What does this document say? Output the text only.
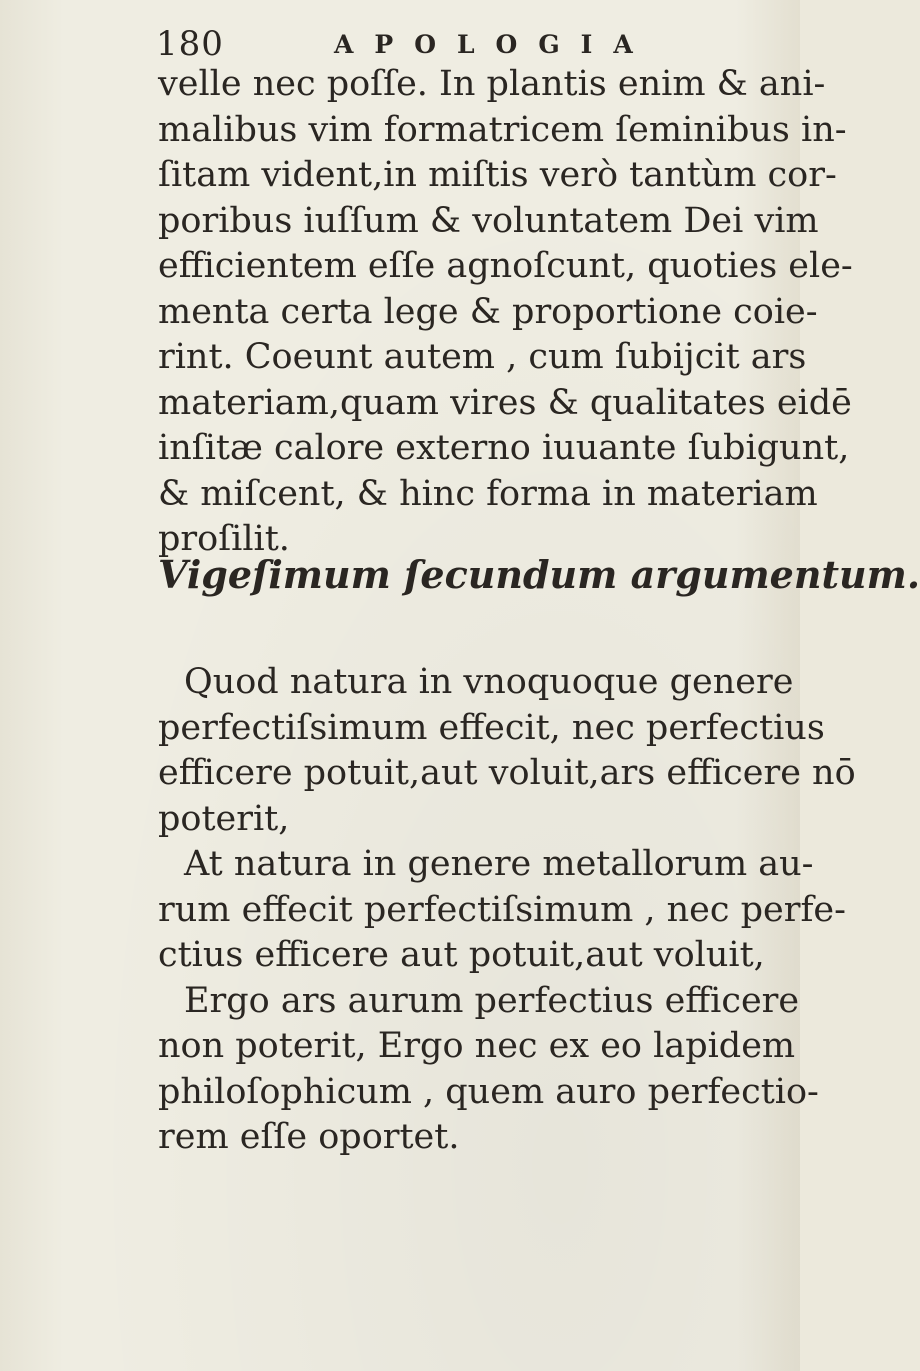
180	APOLOGIA
velle nec poſſe. In plantis enim & ani-
malibus vim formatricem ſeminibus in-
ſitam vident,in miſtis verò tantùm cor-
poribus iuſſum & voluntatem Dei vim
efficientem eſſe agnoſcunt, quoties ele-
menta certa lege & proportione coie-
rint. Coeunt autem , cum ſubijcit ars
materiam,quam vires & qualitates eidē
inſitæ calore externo iuuante ſubigunt,
& miſcent, & hinc forma in materiam
proſilit.
Vigeſimum ſecundum argumentum.
Quod natura in vnoquoque genere
perfectiſsimum effecit, nec perfectius
efficere potuit,aut voluit,ars efficere nō
poterit,
At natura in genere metallorum au-
rum effecit perfectiſsimum , nec perfe-
ctius efficere aut potuit,aut voluit,
Ergo ars aurum perfectius efficere
non poterit, Ergo nec ex eo lapidem
philoſophicum , quem auro perfectio-
rem eſſe oportet.
